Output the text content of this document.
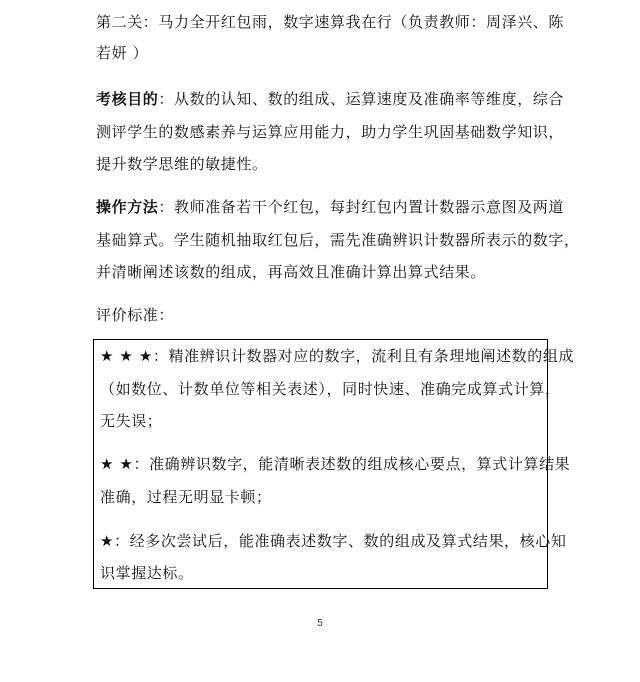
第二关：马力全开红包雨，数字速算我在行（负责教师：周泽兴、陈
若妍 ）
考核目的：从数的认知、数的组成、运算速度及准确率等维度，综合
测评学生的数感素养与运算应用能力，助力学生巩固基础数学知识，
提升数学思维的敏捷性。
操作方法：教师准备若干个红包，每封红包内置计数器示意图及两道
基础算式。学生随机抽取红包后，需先准确辨识计数器所表示的数字，
并清晰阐述该数的组成，再高效且准确计算出算式结果。
评价标准：
★ ★ ★：精准辨识计数器对应的数字，流利且有条理地阐述数的组成
（如数位、计数单位等相关表述），同时快速、准确完成算式计算，
无失误；
★ ★：准确辨识数字，能清晰表述数的组成核心要点，算式计算结果
准确，过程无明显卡顿；
★：经多次尝试后，能准确表述数字、数的组成及算式结果，核心知
识掌握达标。
5
